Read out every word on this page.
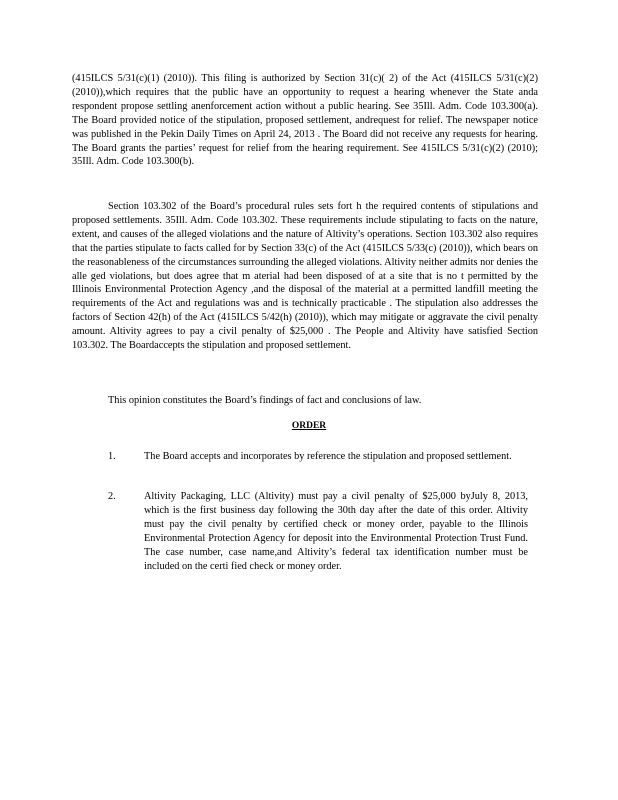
(415ILCS 5/31(c)(1) (2010)). This filing is authorized by Section 31(c)( 2) of the Act (415ILCS 5/31(c)(2) (2010)),which requires that the public have an opportunity to request a hearing whenever the State anda respondent propose settling anenforcement action without a public hearing. See 35Ill. Adm. Code 103.300(a). The Board provided notice of the stipulation, proposed settlement, andrequest for relief. The newspaper notice was published in the Pekin Daily Times on April 24, 2013 . The Board did not receive any requests for hearing. The Board grants the parties’ request for relief from the hearing requirement. See 415ILCS 5/31(c)(2) (2010); 35Ill. Adm. Code 103.300(b).

Section 103.302 of the Board’s procedural rules sets fort h the required contents of stipulations and proposed settlements. 35Ill. Adm. Code 103.302. These requirements include stipulating to facts on the nature, extent, and causes of the alleged violations and the nature of Altivity’s operations. Section 103.302 also requires that the parties stipulate to facts called for by Section 33(c) of the Act (415ILCS 5/33(c) (2010)), which bears on the reasonableness of the circumstances surrounding the alleged violations. Altivity neither admits nor denies the alle ged violations, but does agree that m aterial had been disposed of at a site that is no t permitted by the Illinois Environmental Protection Agency ,and the disposal of the material at a permitted landfill meeting the requirements of the Act and regulations was and is technically practicable . The stipulation also addresses the factors of Section 42(h) of the Act (415ILCS 5/42(h) (2010)), which may mitigate or aggravate the civil penalty amount. Altivity agrees to pay a civil penalty of $25,000 . The People and Altivity have satisfied Section 103.302. The Boardaccepts the stipulation and proposed settlement.

This opinion constitutes the Board’s findings of fact and conclusions of law.

ORDER

1.	The Board accepts and incorporates by reference the stipulation and proposed settlement.
2.	Altivity Packaging, LLC (Altivity) must pay a civil penalty of $25,000 byJuly 8, 2013, which is the first business day following the 30th day after the date of this order. Altivity must pay the civil penalty by certified check or money order, payable to the Illinois Environmental Protection Agency for deposit into the Environmental Protection Trust Fund. The case number, case name,and Altivity’s federal tax identification number must be included on the certi fied check or money order.
